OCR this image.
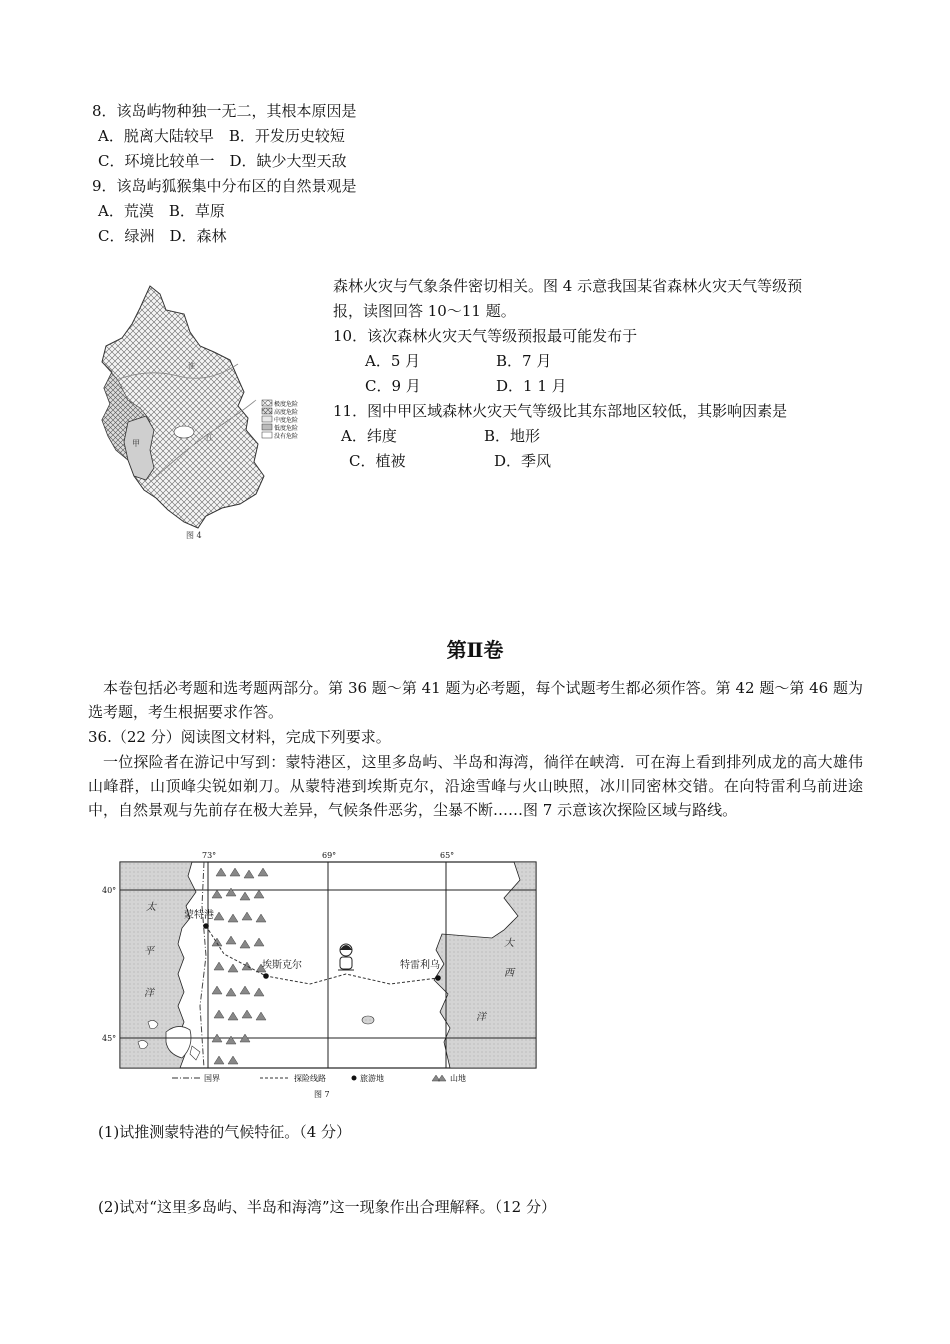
8．该岛屿物种独一无二，其根本原因是
A．脱离大陆较早　B．开发历史较短
C．环境比较单一　D．缺少大型天敌
9．该岛屿狐猴集中分布区的自然景观是
A．荒漠　B．草原
C．绿洲　D．森林
甲
淮
江
极度危险
高度危险
中度危险
低度危险
没有危险
图 4
森林火灾与气象条件密切相关。图 4 示意我国某省森林火灾天气等级预
报，读图回答 10～11 题。
10．该次森林火灾天气等级预报最可能发布于
A．5 月	B．7 月
C．9 月	D．1 1 月
11．图中甲区域森林火灾天气等级比其东部地区较低，其影响因素是
A．纬度	B．地形
C．植被	D．季风
第Ⅱ卷
本卷包括必考题和选考题两部分。第 36 题～第 41 题为必考题，每个试题考生都必须作答。第 42 题～第 46 题为选考题，考生根据要求作答。
36.（22 分）阅读图文材料，完成下列要求。
一位探险者在游记中写到：蒙特港区，这里多岛屿、半岛和海湾，徜徉在峡湾．可在海上看到排列成龙的高大雄伟山峰群，山顶峰尖锐如剃刀。从蒙特港到埃斯克尔，沿途雪峰与火山映照，冰川同密林交错。在向特雷利乌前进途中，自然景观与先前存在极大差异，气候条件恶劣，尘暴不断……图 7 示意该次探险区域与路线。
蒙特港
埃斯克尔	特雷利乌
太
平
洋
大
西
洋
73°	69°	65°
40°
45°
国界	探险线路	旅游地	山地
图 7
(1)试推测蒙特港的气候特征。（4 分）
(2)试对“这里多岛屿、半岛和海湾”这一现象作出合理解释。（12 分）
